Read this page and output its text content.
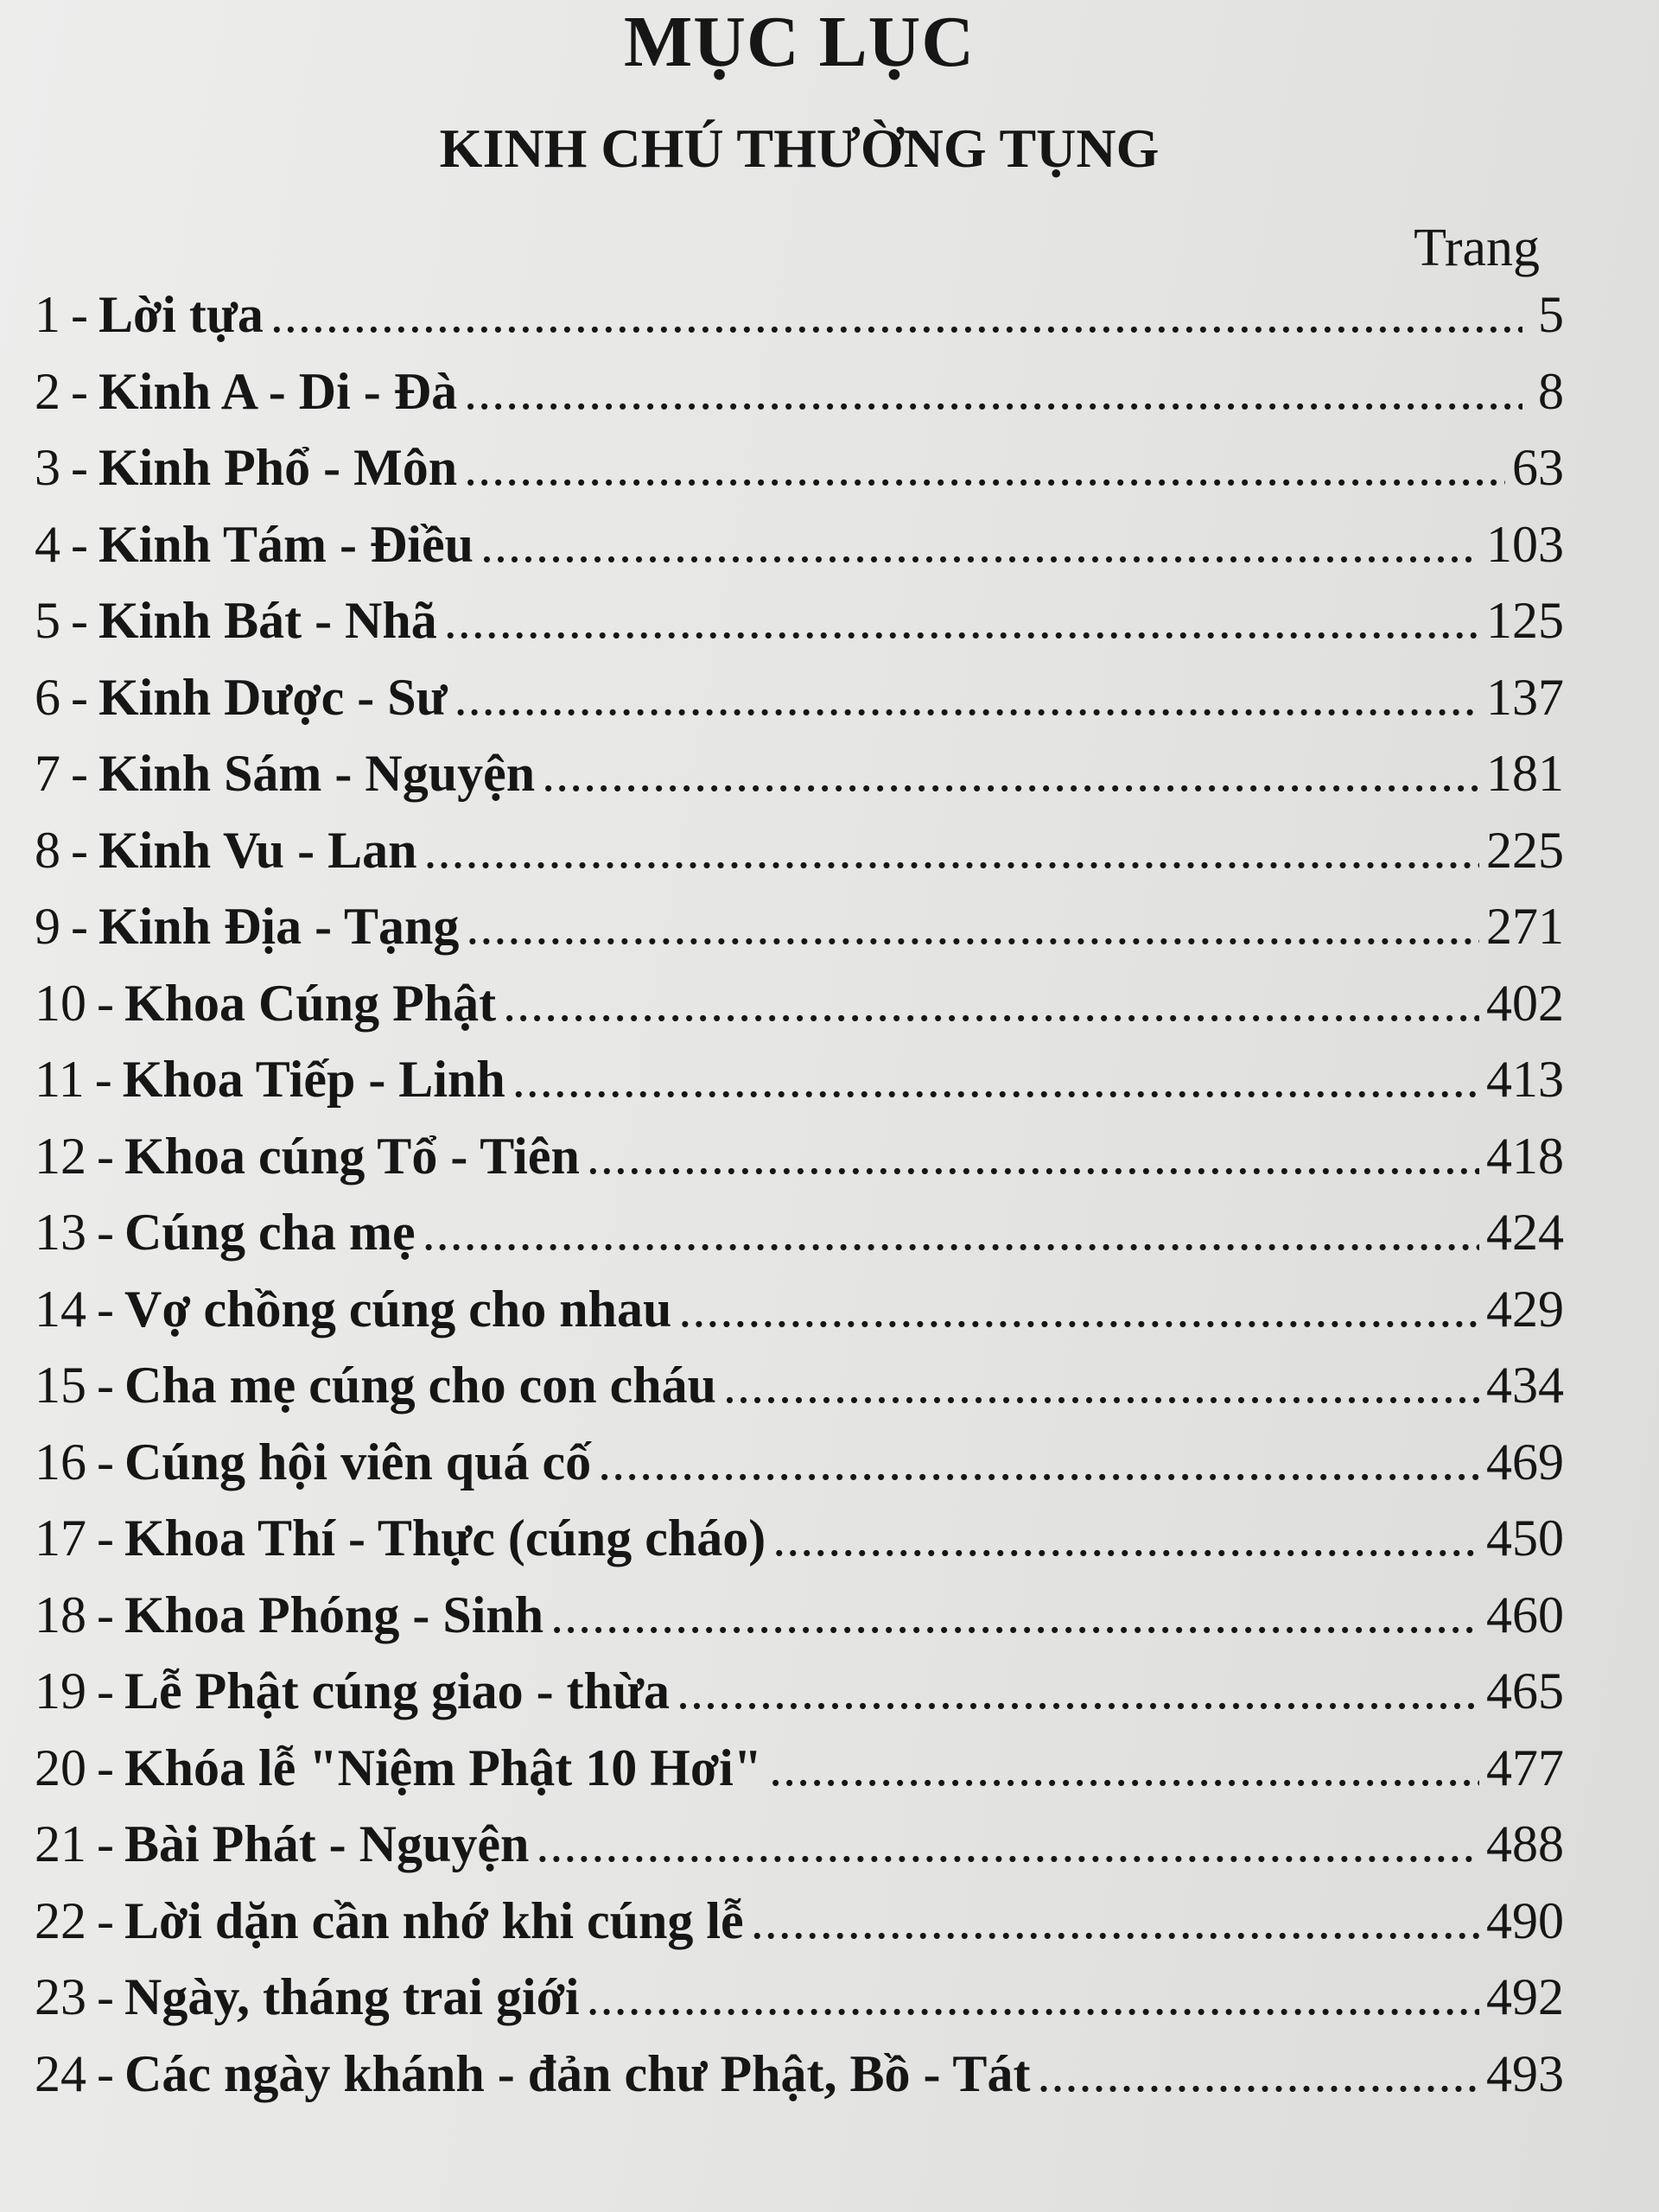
MỤC LỤC
KINH CHÚ THƯỜNG TỤNG
Trang
1 - Lời tựa .....	5
2 - Kinh A - Di - Đà .....	8
3 - Kinh Phổ - Môn .....	63
4 - Kinh Tám - Điều .....	103
5 - Kinh Bát - Nhã .....	125
6 - Kinh Dược - Sư .....	137
7 - Kinh Sám - Nguyện .....	181
8 - Kinh Vu - Lan .....	225
9 - Kinh Địa - Tạng .....	271
10 - Khoa Cúng Phật .....	402
11 - Khoa Tiếp - Linh .....	413
12 - Khoa cúng Tổ - Tiên .....	418
13 - Cúng cha mẹ .....	424
14 - Vợ chồng cúng cho nhau .....	429
15 - Cha mẹ cúng cho con cháu .....	434
16 - Cúng hội viên quá cố .....	469
17 - Khoa Thí - Thực (cúng cháo) .....	450
18 - Khoa Phóng - Sinh .....	460
19 - Lễ Phật cúng giao - thừa .....	465
20 - Khóa lễ "Niệm Phật 10 Hơi" .....	477
21 - Bài Phát - Nguyện .....	488
22 - Lời dặn cần nhớ khi cúng lễ .....	490
23 - Ngày, tháng trai giới .....	492
24 - Các ngày khánh - đản chư Phật, Bồ - Tát .....	493
